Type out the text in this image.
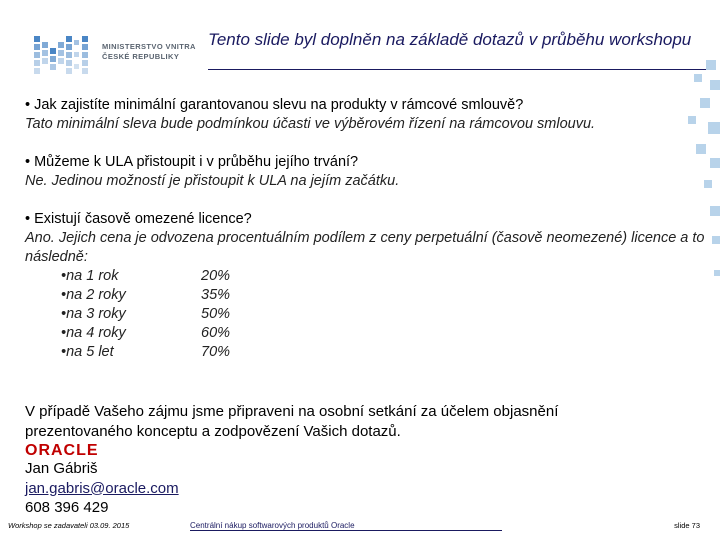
MINISTERSTVO VNITRA
ČESKÉ REPUBLIKY
Tento slide byl doplněn na základě dotazů v průběhu workshopu
• Jak zajistíte minimální garantovanou slevu na produkty v rámcové smlouvě?
Tato minimální sleva bude podmínkou účasti ve výběrovém řízení na rámcovou smlouvu.
• Můžeme k ULA přistoupit i v průběhu jejího trvání?
Ne. Jedinou možností je přistoupit k ULA na jejím začátku.
• Existují časově omezené licence?
Ano. Jejich cena je odvozena procentuálním podílem z ceny perpetuální (časově neomezené) licence a to následně:
•na 1 rok	20%
•na 2 roky	35%
•na 3 roky	50%
•na 4 roky	60%
•na 5 let	70%
V případě Vašeho zájmu jsme připraveni na osobní setkání za účelem objasnění prezentovaného konceptu a zodpovězení Vašich dotazů.
ORACLE
Jan Gábriš
jan.gabris@oracle.com
608 396 429
Workshop se zadavateli 03.09. 2015	Centrální nákup softwarových produktů Oracle	slide 73
